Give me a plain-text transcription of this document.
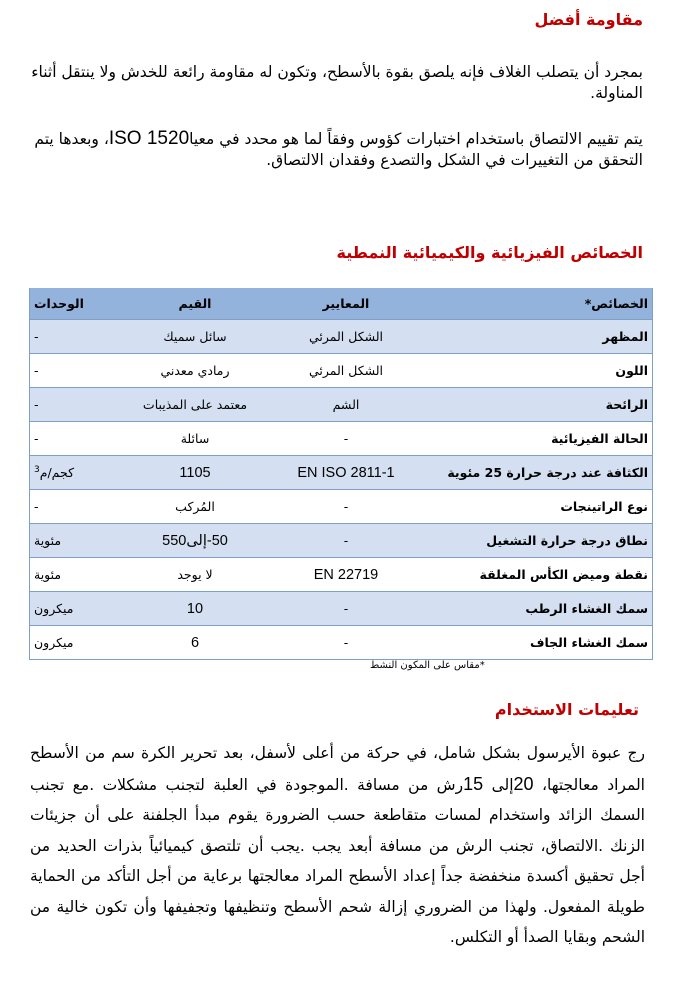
مقاومة أفضل
بمجرد أن يتصلب الغلاف فإنه يلصق بقوة بالأسطح، وتكون له مقاومة رائعة للخدش ولا ينتقل أثناء المناولة.
يتم تقييم الالتصاق باستخدام اختبارات كؤوس وفقاً لما هو محدد في معياISO 1520، وبعدها يتم التحقق من التغييرات في الشكل والتصدع وفقدان الالتصاق.
الخصائص الفيزيائية والكيميائية النمطية
الخصائص*	المعايير	القيم	الوحدات
المظهر	الشكل المرئي	سائل سميك	-
اللون	الشكل المرئي	رمادي معدني	-
الرائحة	الشم	معتمد على المذيبات	-
الحالة الفيزيائية	-	سائلة	-
الكثافة عند درجة حرارة 25 مئوية	EN ISO 2811-1	1105	كجم/م$^3$
نوع الراتينجات	-	المُركب	-
نطاق درجة حرارة التشغيل	-	50-إلى550	مئوية
نقطة وميض الكأس المغلقة	EN 22719	لا يوجد	مئوية
سمك الغشاء الرطب	-	10	ميكرون
سمك الغشاء الجاف	-	6	ميكرون
*مقاس على المكون النشط
تعليمات الاستخدام
رج عبوة الأيرسول بشكل شامل، في حركة من أعلى لأسفل، بعد تحرير الكرة سم من الأسطح المراد معالجتها، 20إلى 15رش من مسافة .الموجودة في العلبة لتجنب مشكلات .مع تجنب السمك الزائد واستخدام لمسات متقاطعة حسب الضرورة يقوم مبدأ الجلفنة على أن جزيئات الزنك .الالتصاق، تجنب الرش من مسافة أبعد يجب .يجب أن تلتصق كيميائياً بذرات الحديد من أجل تحقيق أكسدة منخفضة جداً إعداد الأسطح المراد معالجتها برعاية من أجل التأكد من الحماية طويلة المفعول. ولهذا من الضروري إزالة شحم الأسطح وتنظيفها وتجفيفها وأن تكون خالية من الشحم وبقايا الصدأ أو التكلس.
